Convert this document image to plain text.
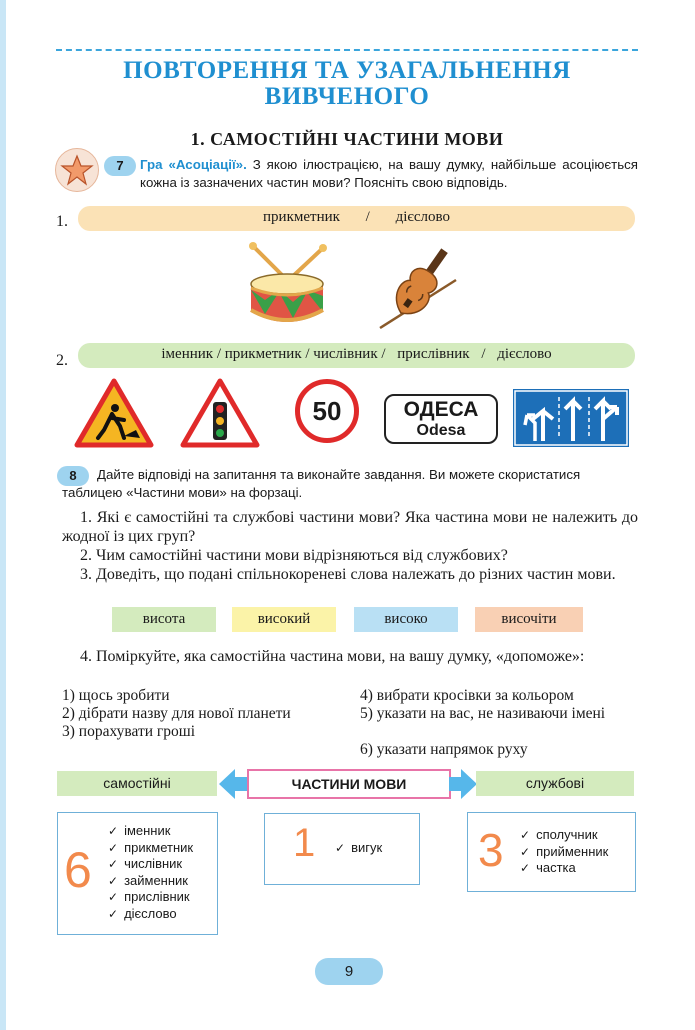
ПОВТОРЕННЯ ТА УЗАГАЛЬНЕННЯ
ВИВЧЕНОГО
1. САМОСТІЙНІ ЧАСТИНИ МОВИ
7	Гра «Асоціації». З якою ілюстрацією, на вашу думку, найбільше асоціюється кожна із зазначених частин мови? Поясніть свою відповідь.
1.	прикметник / дієслово
2.	іменник / прикметник / числівник / прислівник / дієслово
50	ОДЕСА
Odesa
8	Дайте відповіді на запитання та виконайте завдання. Ви можете скористатися таблицею «Частини мови» на форзаці.
1. Які є самостійні та службові частини мови? Яка частина мови не належить до жодної із цих груп?
2. Чим самостійні частини мови відрізняються від службових?
3. Доведіть, що подані спільнокореневі слова належать до різних частин мови.
висота	високий	високо	височіти
4. Поміркуйте, яка самостійна частина мови, на вашу думку, «допоможе»:
1) щось зробити
2) дібрати назву для нової планети
3) порахувати гроші
4) вибрати кросівки за кольором
5) указати на вас, не називаючи імені
6) указати напрямок руху
самостійні	ЧАСТИНИ МОВИ	службові
6
✓ іменник
✓ прикметник
✓ числівник
✓ займенник
✓ прислівник
✓ дієслово
1	✓ вигук 3	✓ сполучник
✓ прийменник
✓ частка
9
